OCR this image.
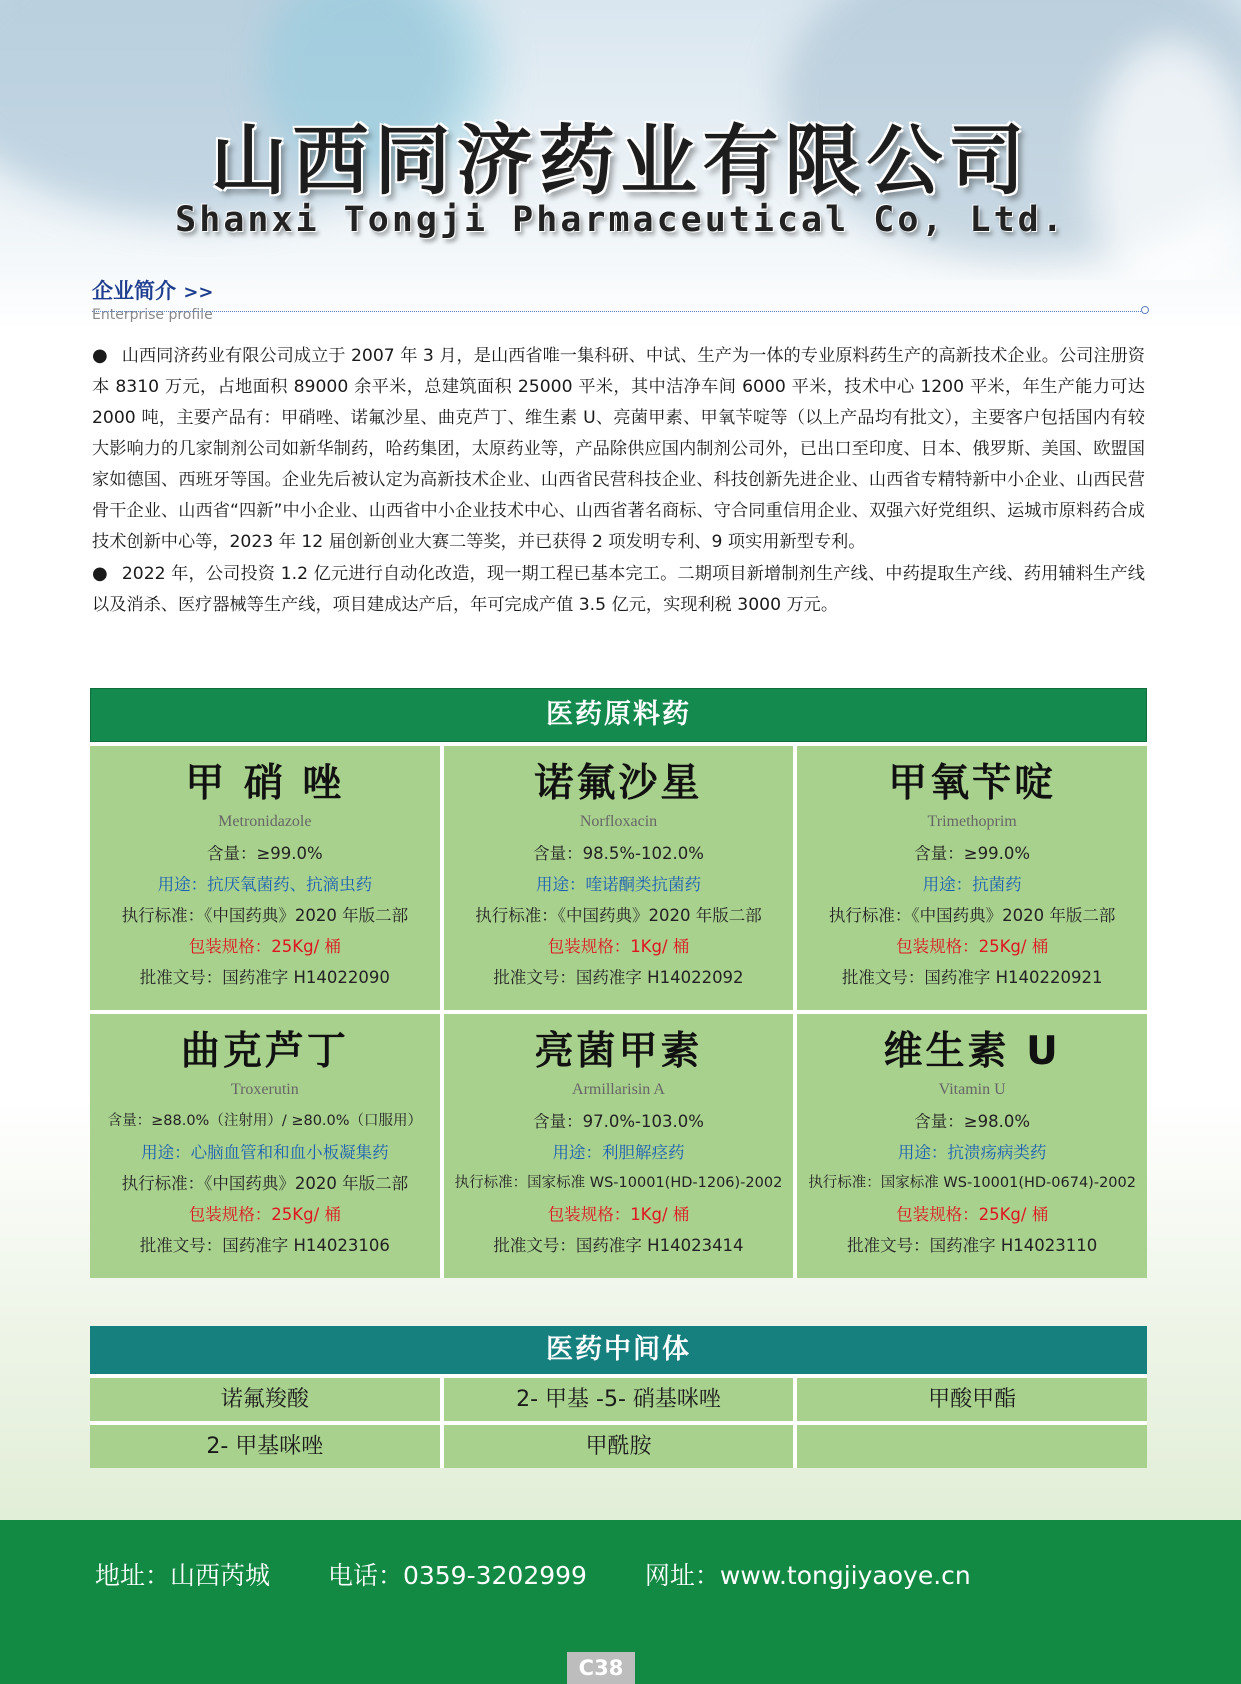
山西同济药业有限公司
Shanxi Tongji Pharmaceutical Co, Ltd.
企业简介 >>
Enterprise profile

● 山西同济药业有限公司成立于 2007 年 3 月，是山西省唯一集科研、中试、生产为一体的专业原料药生产的高新技术企业。公司注册资本 8310 万元，占地面积 89000 余平米，总建筑面积 25000 平米，其中洁净车间 6000 平米，技术中心 1200 平米，年生产能力可达 2000 吨，主要产品有：甲硝唑、诺氟沙星、曲克芦丁、维生素 U、亮菌甲素、甲氧苄啶等（以上产品均有批文），主要客户包括国内有较大影响力的几家制剂公司如新华制药，哈药集团，太原药业等，产品除供应国内制剂公司外，已出口至印度、日本、俄罗斯、美国、欧盟国家如德国、西班牙等国。企业先后被认定为高新技术企业、山西省民营科技企业、科技创新先进企业、山西省专精特新中小企业、山西民营骨干企业、山西省“四新”中小企业、山西省中小企业技术中心、山西省著名商标、守合同重信用企业、双强六好党组织、运城市原料药合成技术创新中心等，2023 年 12 届创新创业大赛二等奖，并已获得 2 项发明专利、9 项实用新型专利。

● 2022 年，公司投资 1.2 亿元进行自动化改造，现一期工程已基本完工。二期项目新增制剂生产线、中药提取生产线、药用辅料生产线以及消杀、医疗器械等生产线，项目建成达产后，年可完成产值 3.5 亿元，实现利税 3000 万元。

医药原料药
甲 硝 唑
Metronidazole
含量：≥99.0%
用途：抗厌氧菌药、抗滴虫药
执行标准：《中国药典》2020 年版二部
包装规格：25Kg/ 桶
批准文号：国药准字 H14022090
诺氟沙星
Norfloxacin
含量：98.5%-102.0%
用途：喹诺酮类抗菌药
执行标准：《中国药典》2020 年版二部
包装规格：1Kg/ 桶
批准文号：国药准字 H14022092
甲氧苄啶
Trimethoprim
含量：≥99.0%
用途：抗菌药
执行标准：《中国药典》2020 年版二部
包装规格：25Kg/ 桶
批准文号：国药准字 H140220921
曲克芦丁
Troxerutin
含量：≥88.0%（注射用）/ ≥80.0%（口服用）
用途：心脑血管和和血小板凝集药
执行标准：《中国药典》2020 年版二部
包装规格：25Kg/ 桶
批准文号：国药准字 H14023106
亮菌甲素
Armillarisin A
含量：97.0%-103.0%
用途：利胆解痉药
执行标准：国家标准 WS-10001(HD-1206)-2002
包装规格：1Kg/ 桶
批准文号：国药准字 H14023414
维生素 U
Vitamin U
含量：≥98.0%
用途：抗溃疡病类药
执行标准：国家标准 WS-10001(HD-0674)-2002
包装规格：25Kg/ 桶
批准文号：国药准字 H14023110
医药中间体
诺氟羧酸	2- 甲基 -5- 硝基咪唑	甲酸甲酯
2- 甲基咪唑	甲酰胺
地址：山西芮城 电话：0359-3202999 网址：www.tongjiyaoye.cn
C38
